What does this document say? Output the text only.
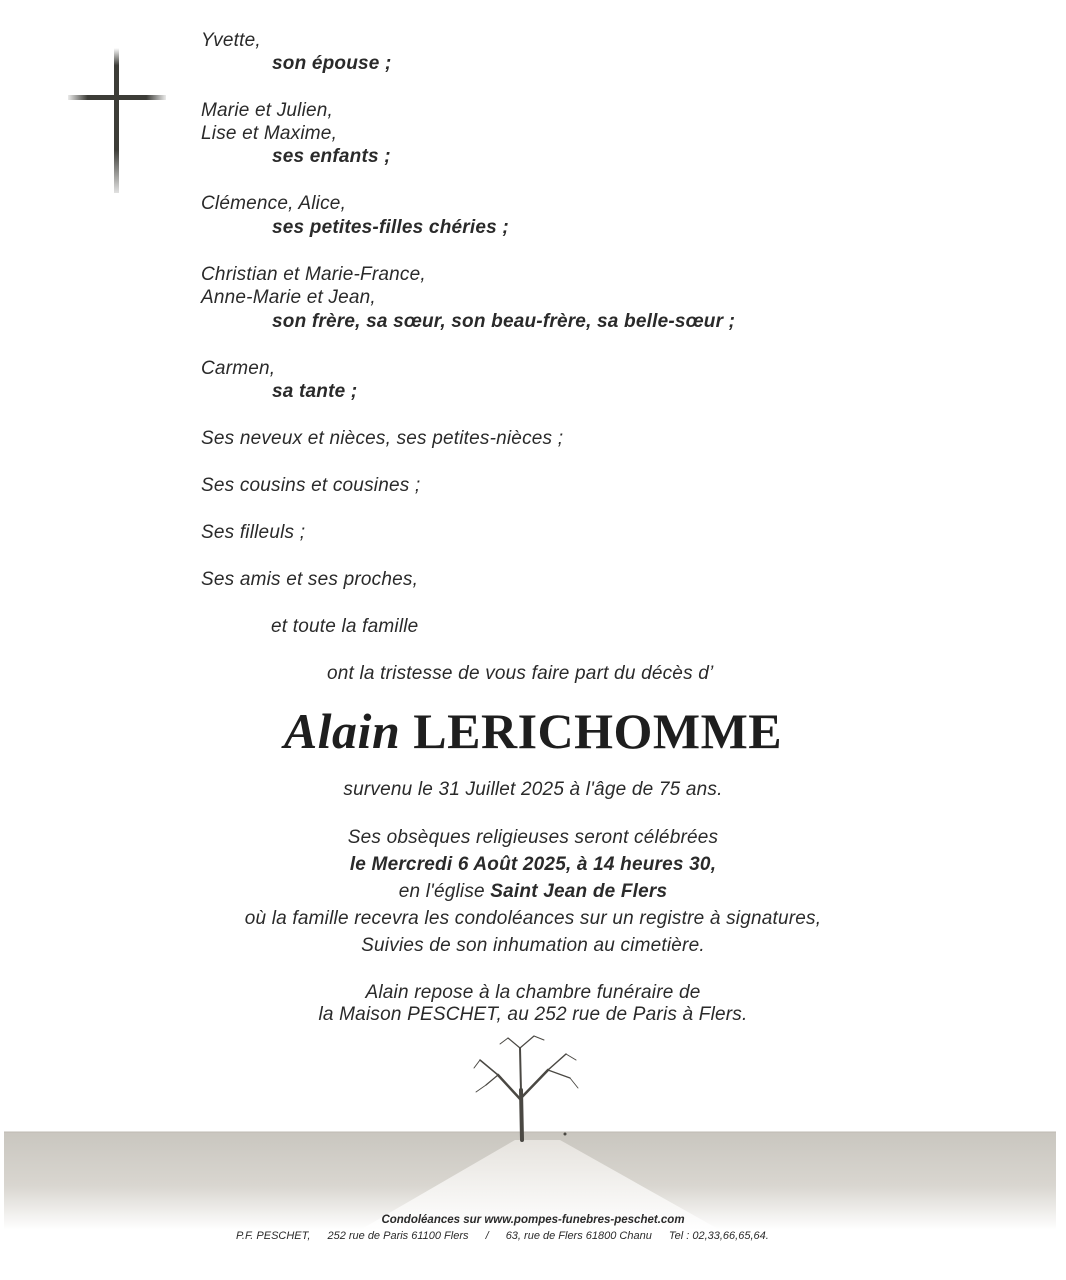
Yvette,
son épouse ;
Marie et Julien,
Lise et Maxime,
ses enfants ;
Clémence, Alice,
ses petites-filles chéries ;
Christian et Marie-France,
Anne-Marie et Jean,
son frère, sa sœur, son beau-frère, sa belle-sœur ;
Carmen,
sa tante ;
Ses neveux et nièces, ses petites-nièces ;
Ses cousins et cousines ;
Ses filleuls ;
Ses amis et ses proches,
et toute la famille
ont la tristesse de vous faire part du décès d’
Alain LERICHOMME
survenu le 31 Juillet 2025 à l'âge de 75 ans.
Ses obsèques religieuses seront célébrées
le Mercredi 6 Août 2025, à 14 heures 30,
en l'église Saint Jean de Flers
où la famille recevra les condoléances sur un registre à signatures,
Suivies de son inhumation au cimetière.
Alain repose à la chambre funéraire de
la Maison PESCHET, au 252 rue de Paris à Flers.
Condoléances sur www.pompes-funebres-peschet.com
P.F. PESCHET, 252 rue de Paris 61100 Flers / 63, rue de Flers 61800 Chanu Tel : 02,33,66,65,64.
